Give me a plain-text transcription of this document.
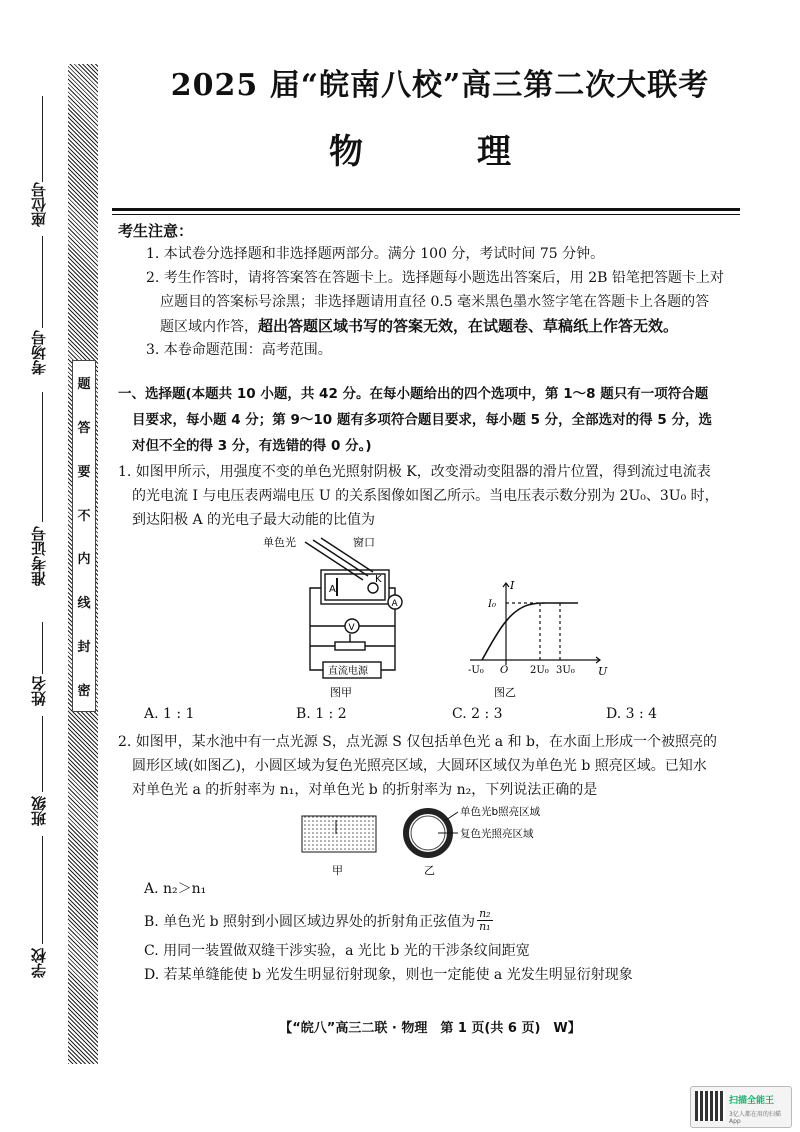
题
答
要
不
内
线
封
密
座位号
考场号
准考证号
姓名
班级
学校
2025 届“皖南八校”高三第二次大联考
物　理
考生注意：
1. 本试卷分选择题和非选择题两部分。满分 100 分，考试时间 75 分钟。
2. 考生作答时，请将答案答在答题卡上。选择题每小题选出答案后，用 2B 铅笔把答题卡上对
应题目的答案标号涂黑；非选择题请用直径 0.5 毫米黑色墨水签字笔在答题卡上各题的答
题区域内作答，超出答题区域书写的答案无效，在试题卷、草稿纸上作答无效。
3. 本卷命题范围：高考范围。
一、选择题(本题共 10 小题，共 42 分。在每小题给出的四个选项中，第 1～8 题只有一项符合题
目要求，每小题 4 分；第 9～10 题有多项符合题目要求，每小题 5 分，全部选对的得 5 分，选
对但不全的得 3 分，有选错的得 0 分。)
1. 如图甲所示，用强度不变的单色光照射阴极 K，改变滑动变阻器的滑片位置，得到流过电流表
的光电流 I 与电压表两端电压 U 的关系图像如图乙所示。当电压表示数分别为 2U₀、3U₀ 时，
到达阳极 A 的光电子最大动能的比值为
单色光	窗口
A
K
A
V
直流电源
图甲
I
U
I₀
O
-U₀	2U₀ 3U₀
图乙
A. 1 : 1	B. 1 : 2	C. 2 : 3	D. 3 : 4
2. 如图甲，某水池中有一点光源 S，点光源 S 仅包括单色光 a 和 b，在水面上形成一个被照亮的
圆形区域(如图乙)，小圆区域为复色光照亮区域，大圆环区域仅为单色光 b 照亮区域。已知水
对单色光 a 的折射率为 n₁，对单色光 b 的折射率为 n₂，下列说法正确的是
单色光b照亮区域
复色光照亮区域
甲	乙
A. n₂＞n₁
B. 单色光 b 照射到小圆区域边界处的折射角正弦值为 $\frac{\text{n₂}}{\text{n₁}}$
C. 用同一装置做双缝干涉实验，a 光比 b 光的干涉条纹间距宽
D. 若某单缝能使 b 光发生明显衍射现象，则也一定能使 a 光发生明显衍射现象
【“皖八”高三二联 · 物理　第 1 页(共 6 页)　W】
扫描全能王
3亿人都在用的扫描App
